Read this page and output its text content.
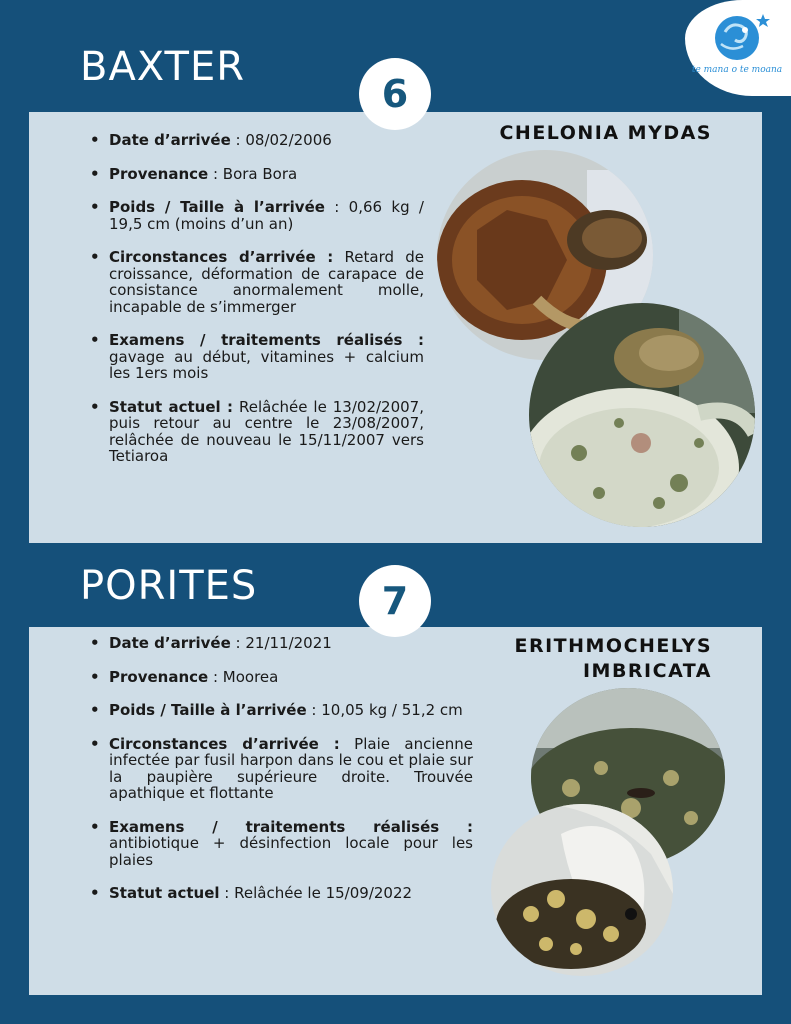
te mana o te moana
BAXTER
6
CHELONIA MYDAS
• Date d’arrivée : 08/02/2006
• Provenance : Bora Bora
• Poids / Taille à l’arrivée : 0,66 kg / 19,5 cm (moins d’un an)
• Circonstances d’arrivée : Retard de croissance, déformation de carapace de consistance anormalement molle, incapable de s’immerger
• Examens / traitements réalisés : gavage au début, vitamines + calcium les 1ers mois
• Statut actuel : Relâchée le 13/02/2007, puis retour au centre le 23/08/2007, relâchée de nouveau le 15/11/2007 vers Tetiaroa
PORITES	7
ERITHMOCHELYS
IMBRICATA
• Date d’arrivée : 21/11/2021
• Provenance : Moorea
• Poids / Taille à l’arrivée : 10,05 kg / 51,2 cm
• Circonstances d’arrivée : Plaie ancienne infectée par fusil harpon dans le cou et plaie sur la paupière supérieure droite. Trouvée apathique et flottante
• Examens / traitements réalisés : antibiotique + désinfection locale pour les plaies
• Statut actuel : Relâchée le 15/09/2022
